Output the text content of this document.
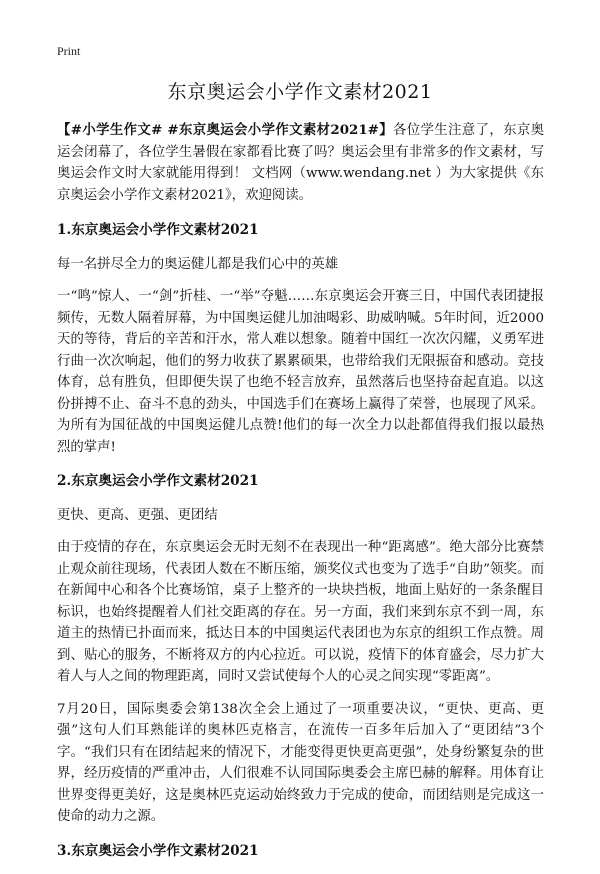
Print
东京奥运会小学作文素材2021

【#小学生作文# #东京奥运会小学作文素材2021#】各位学生注意了，东京奥运会闭幕了，各位学生暑假在家都看比赛了吗？奥运会里有非常多的作文素材，写奥运会作文时大家就能用得到！ 文档网（www.wendang.net ）为大家提供《东京奥运会小学作文素材2021》，欢迎阅读。

1.东京奥运会小学作文素材2021

每一名拼尽全力的奥运健儿都是我们心中的英雄

一“鸣”惊人、一“剑”折桂、一“举”夺魁……东京奥运会开赛三日，中国代表团捷报频传，无数人隔着屏幕，为中国奥运健儿加油喝彩、助威呐喊。5年时间，近2000天的等待，背后的辛苦和汗水，常人难以想象。随着中国红一次次闪耀，义勇军进行曲一次次响起，他们的努力收获了累累硕果，也带给我们无限振奋和感动。竞技体育，总有胜负，但即便失误了也绝不轻言放弃，虽然落后也坚持奋起直追。以这份拼搏不止、奋斗不息的劲头，中国选手们在赛场上赢得了荣誉，也展现了风采。为所有为国征战的中国奥运健儿点赞!他们的每一次全力以赴都值得我们报以最热烈的掌声!

2.东京奥运会小学作文素材2021

更快、更高、更强、更团结

由于疫情的存在，东京奥运会无时无刻不在表现出一种“距离感”。绝大部分比赛禁止观众前往现场，代表团人数在不断压缩，颁奖仪式也变为了选手“自助”领奖。而在新闻中心和各个比赛场馆，桌子上整齐的一块块挡板，地面上贴好的一条条醒目标识，也始终提醒着人们社交距离的存在。另一方面，我们来到东京不到一周，东道主的热情已扑面而来，抵达日本的中国奥运代表团也为东京的组织工作点赞。周到、贴心的服务，不断将双方的内心拉近。可以说，疫情下的体育盛会，尽力扩大着人与人之间的物理距离，同时又尝试使每个人的心灵之间实现“零距离”。

7月20日，国际奥委会第138次全会上通过了一项重要决议，“更快、更高、更强”这句人们耳熟能详的奥林匹克格言，在流传一百多年后加入了“更团结”3个字。“我们只有在团结起来的情况下，才能变得更快更高更强”，处身纷繁复杂的世界，经历疫情的严重冲击，人们很难不认同国际奥委会主席巴赫的解释。用体育让世界变得更美好，这是奥林匹克运动始终致力于完成的使命，而团结则是完成这一使命的动力之源。

3.东京奥运会小学作文素材2021
